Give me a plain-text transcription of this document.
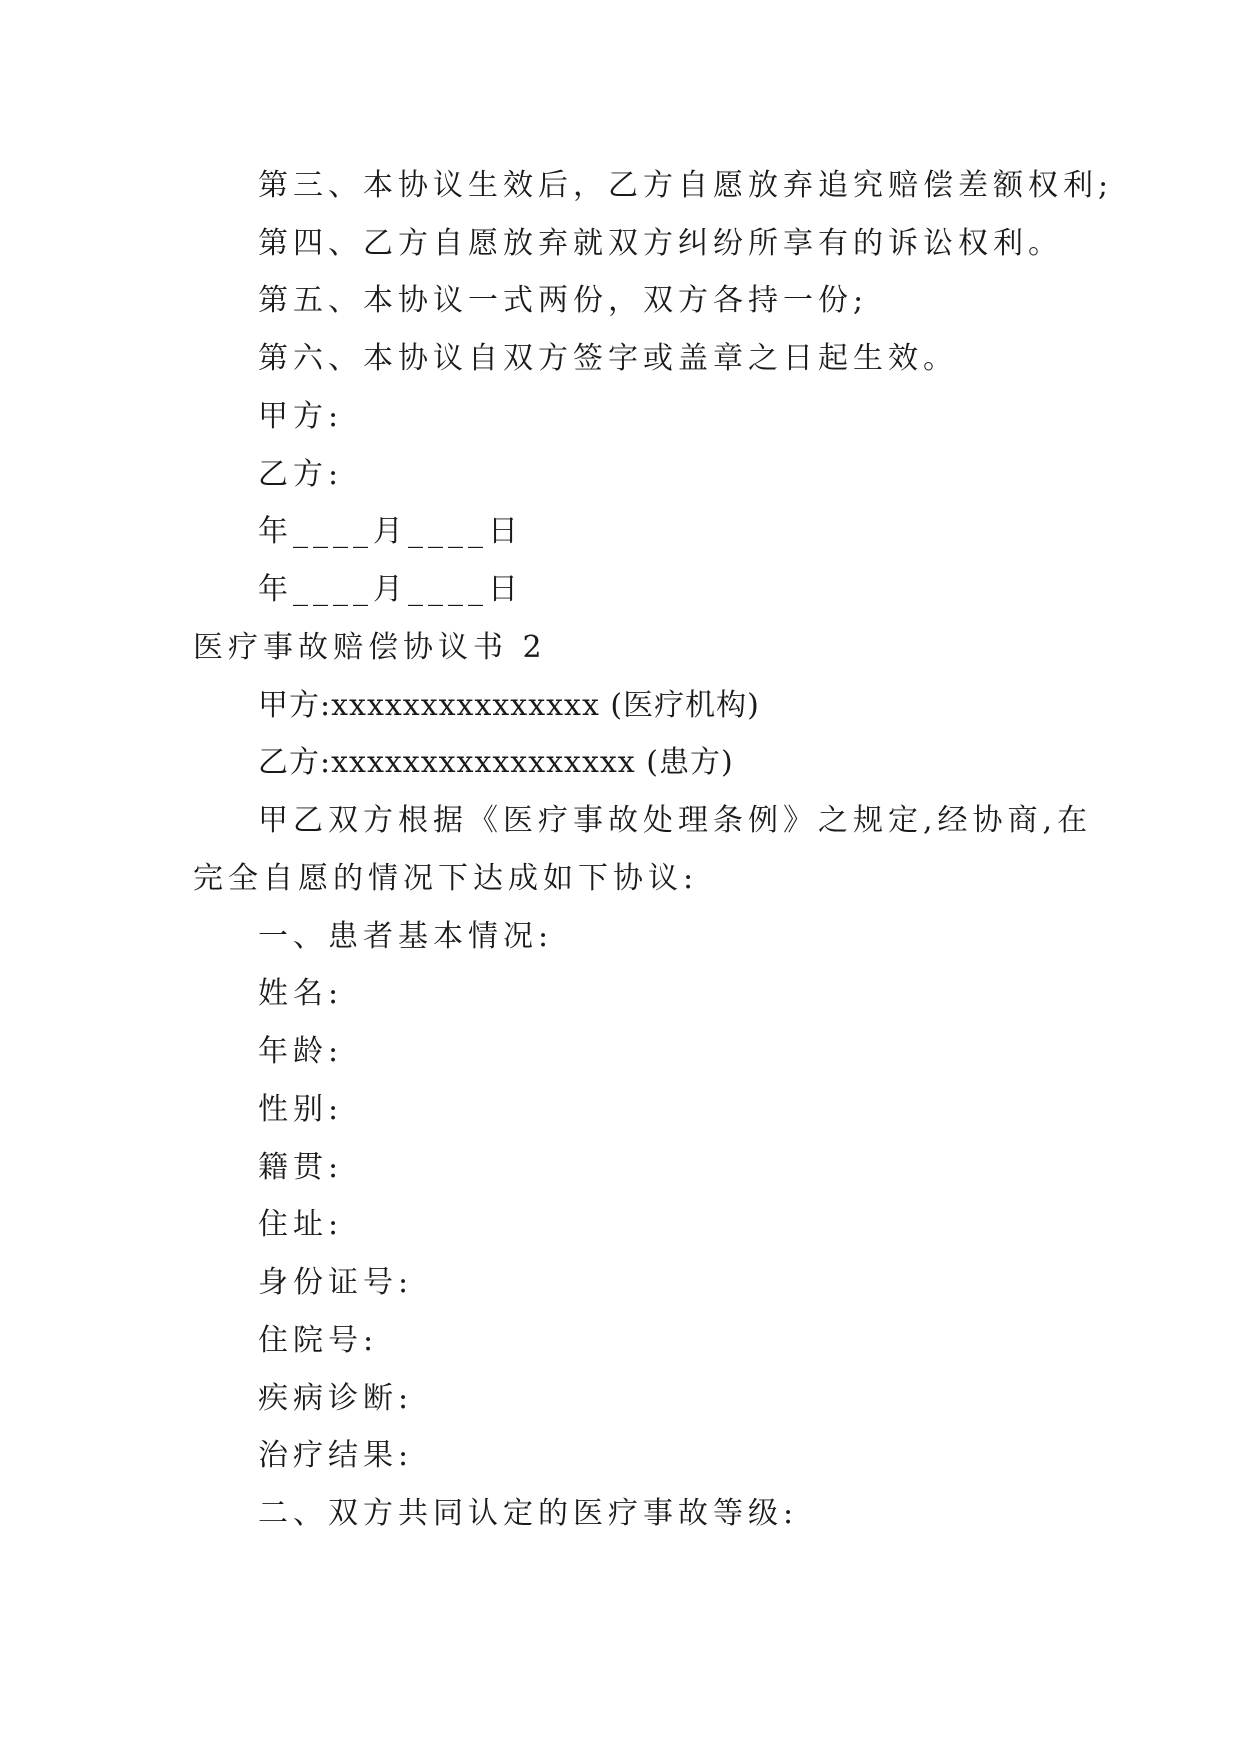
第三、本协议生效后，乙方自愿放弃追究赔偿差额权利;
第四、乙方自愿放弃就双方纠纷所享有的诉讼权利。
第五、本协议一式两份，双方各持一份;
第六、本协议自双方签字或盖章之日起生效。
甲方:
乙方:
年____月____日
年____月____日
医疗事故赔偿协议书 2
甲方:xxxxxxxxxxxxxxx (医疗机构)
乙方:xxxxxxxxxxxxxxxxx (患方)
甲乙双方根据《医疗事故处理条例》之规定,经协商,在
完全自愿的情况下达成如下协议:
一、患者基本情况:
姓名:
年龄:
性别:
籍贯:
住址:
身份证号:
住院号:
疾病诊断:
治疗结果:
二、双方共同认定的医疗事故等级:
